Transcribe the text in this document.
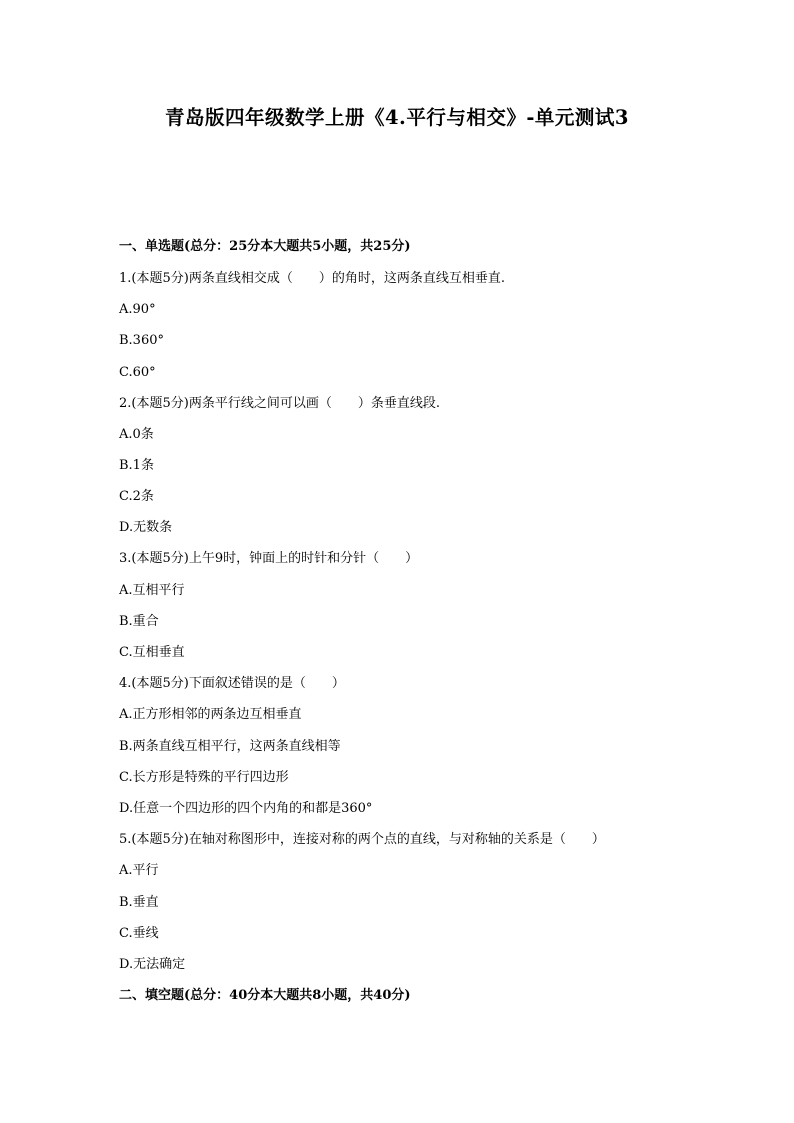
青岛版四年级数学上册《4.平行与相交》-单元测试3
一、单选题(总分：25分本大题共5小题，共25分)
1.(本题5分)两条直线相交成（　　）的角时，这两条直线互相垂直.
A.90°
B.360°
C.60°
2.(本题5分)两条平行线之间可以画（　　）条垂直线段.
A.0条
B.1条
C.2条
D.无数条
3.(本题5分)上午9时，钟面上的时针和分针（　　）
A.互相平行
B.重合
C.互相垂直
4.(本题5分)下面叙述错误的是（　　）
A.正方形相邻的两条边互相垂直
B.两条直线互相平行，这两条直线相等
C.长方形是特殊的平行四边形
D.任意一个四边形的四个内角的和都是360°
5.(本题5分)在轴对称图形中，连接对称的两个点的直线，与对称轴的关系是（　　）
A.平行
B.垂直
C.垂线
D.无法确定
二、填空题(总分：40分本大题共8小题，共40分)
